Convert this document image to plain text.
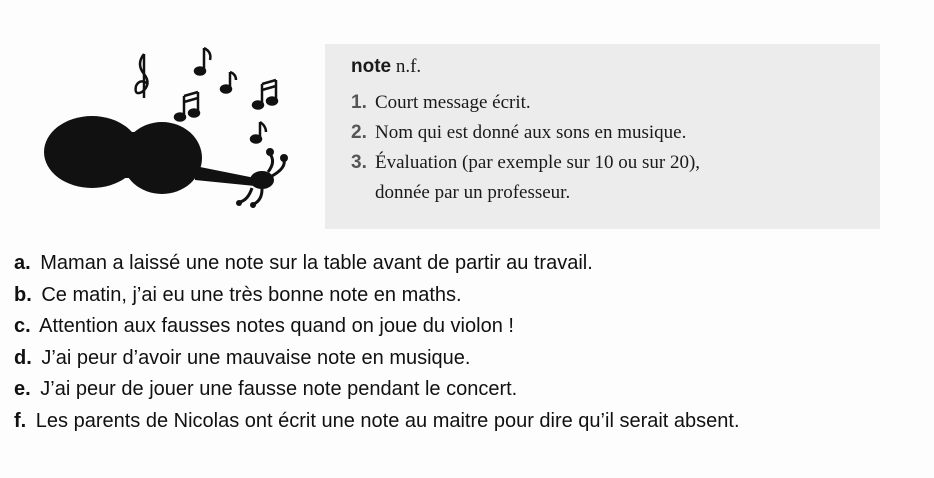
note n.f.
1. Court message écrit.
2. Nom qui est donné aux sons en musique.
3. Évaluation (par exemple sur 10 ou sur 20),
donnée par un professeur.
a. Maman a laissé une note sur la table avant de partir au travail.
b. Ce matin, j’ai eu une très bonne note en maths.
c. Attention aux fausses notes quand on joue du violon !
d. J’ai peur d’avoir une mauvaise note en musique.
e. J’ai peur de jouer une fausse note pendant le concert.
f. Les parents de Nicolas ont écrit une note au maitre pour dire qu’il serait absent.
